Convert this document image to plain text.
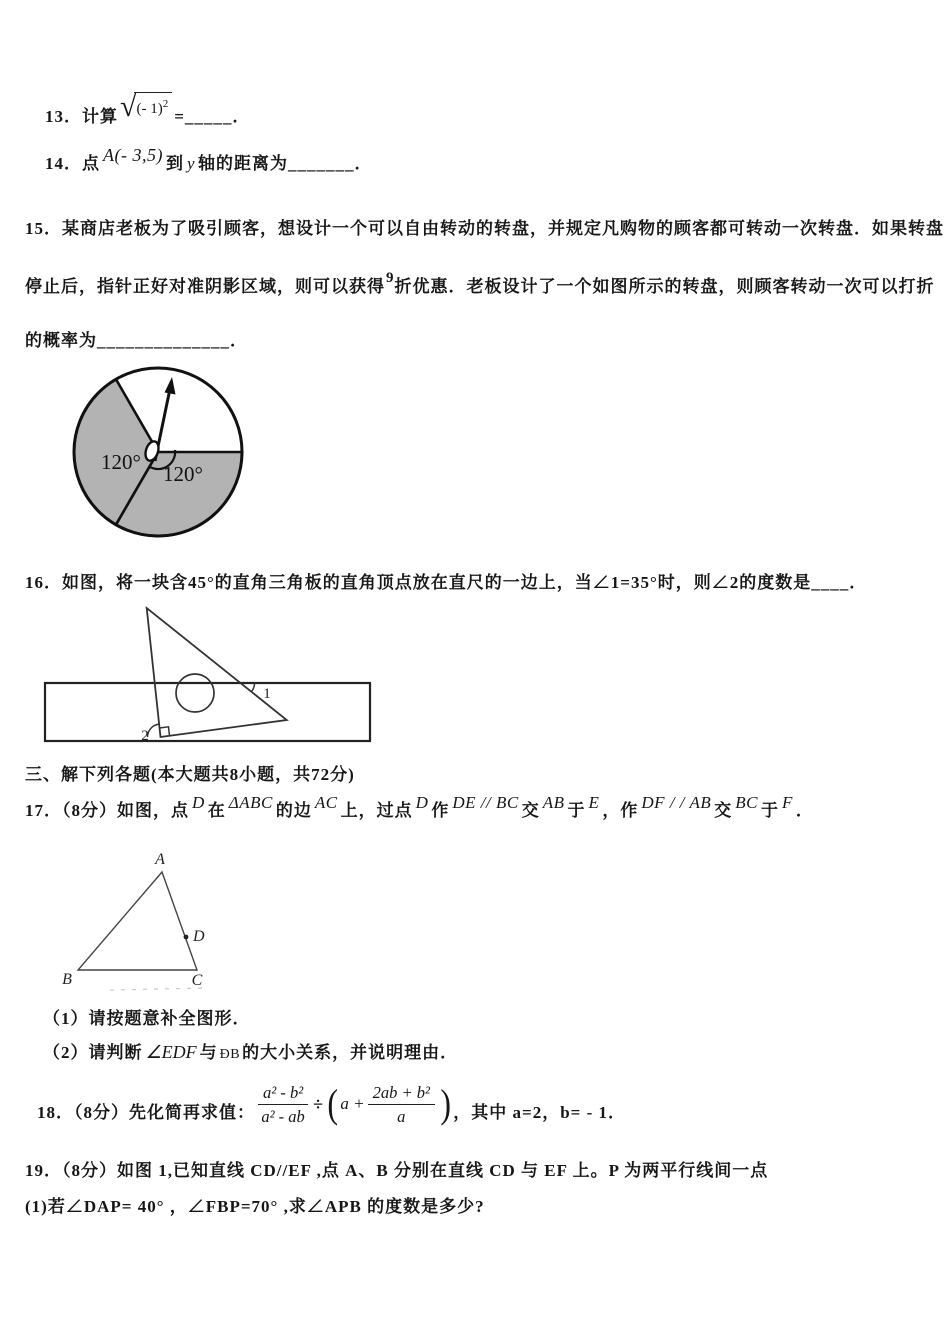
13．计算 √ (- 1)$^2$
=_____．
14．点 A(- 3,5) 到 y 轴的距离为_______．
15．某商店老板为了吸引顾客，想设计一个可以自由转动的转盘，并规定凡购物的顾客都可转动一次转盘．如果转盘
停止后，指针正好对准阴影区域，则可以获得 9 折优惠．老板设计了一个如图所示的转盘，则顾客转动一次可以打折
的概率为______________．
120° 120°
16．如图，将一块含45°的直角三角板的直角顶点放在直尺的一边上，当∠1=35°时，则∠2的度数是____．
1
2
三、解下列各题(本大题共8小题，共72分)
17．（8分）如图，点 D 在 ΔABC 的边 AC 上，过点 D 作 DE // BC 交 AB 于 E ，作 DF / / AB 交 BC 于 F ．
A
B	C
D
（1）请按题意补全图形．
（2）请判断 ∠EDF 与 ÐB 的大小关系，并说明理由．
18．（8分）先化简再求值： $\frac{\text{a² - b²}}{\text{a² - ab}}$ ÷ ( $a + \frac{\text{2ab + b²}}{a}$ ) ，其中 a=2，b= - 1．
19．（8分）如图 1,已知直线 CD//EF ,点 A、B 分别在直线 CD 与 EF 上。P 为两平行线间一点
(1)若∠DAP= 40° ，∠FBP=70° ,求∠APB 的度数是多少?
